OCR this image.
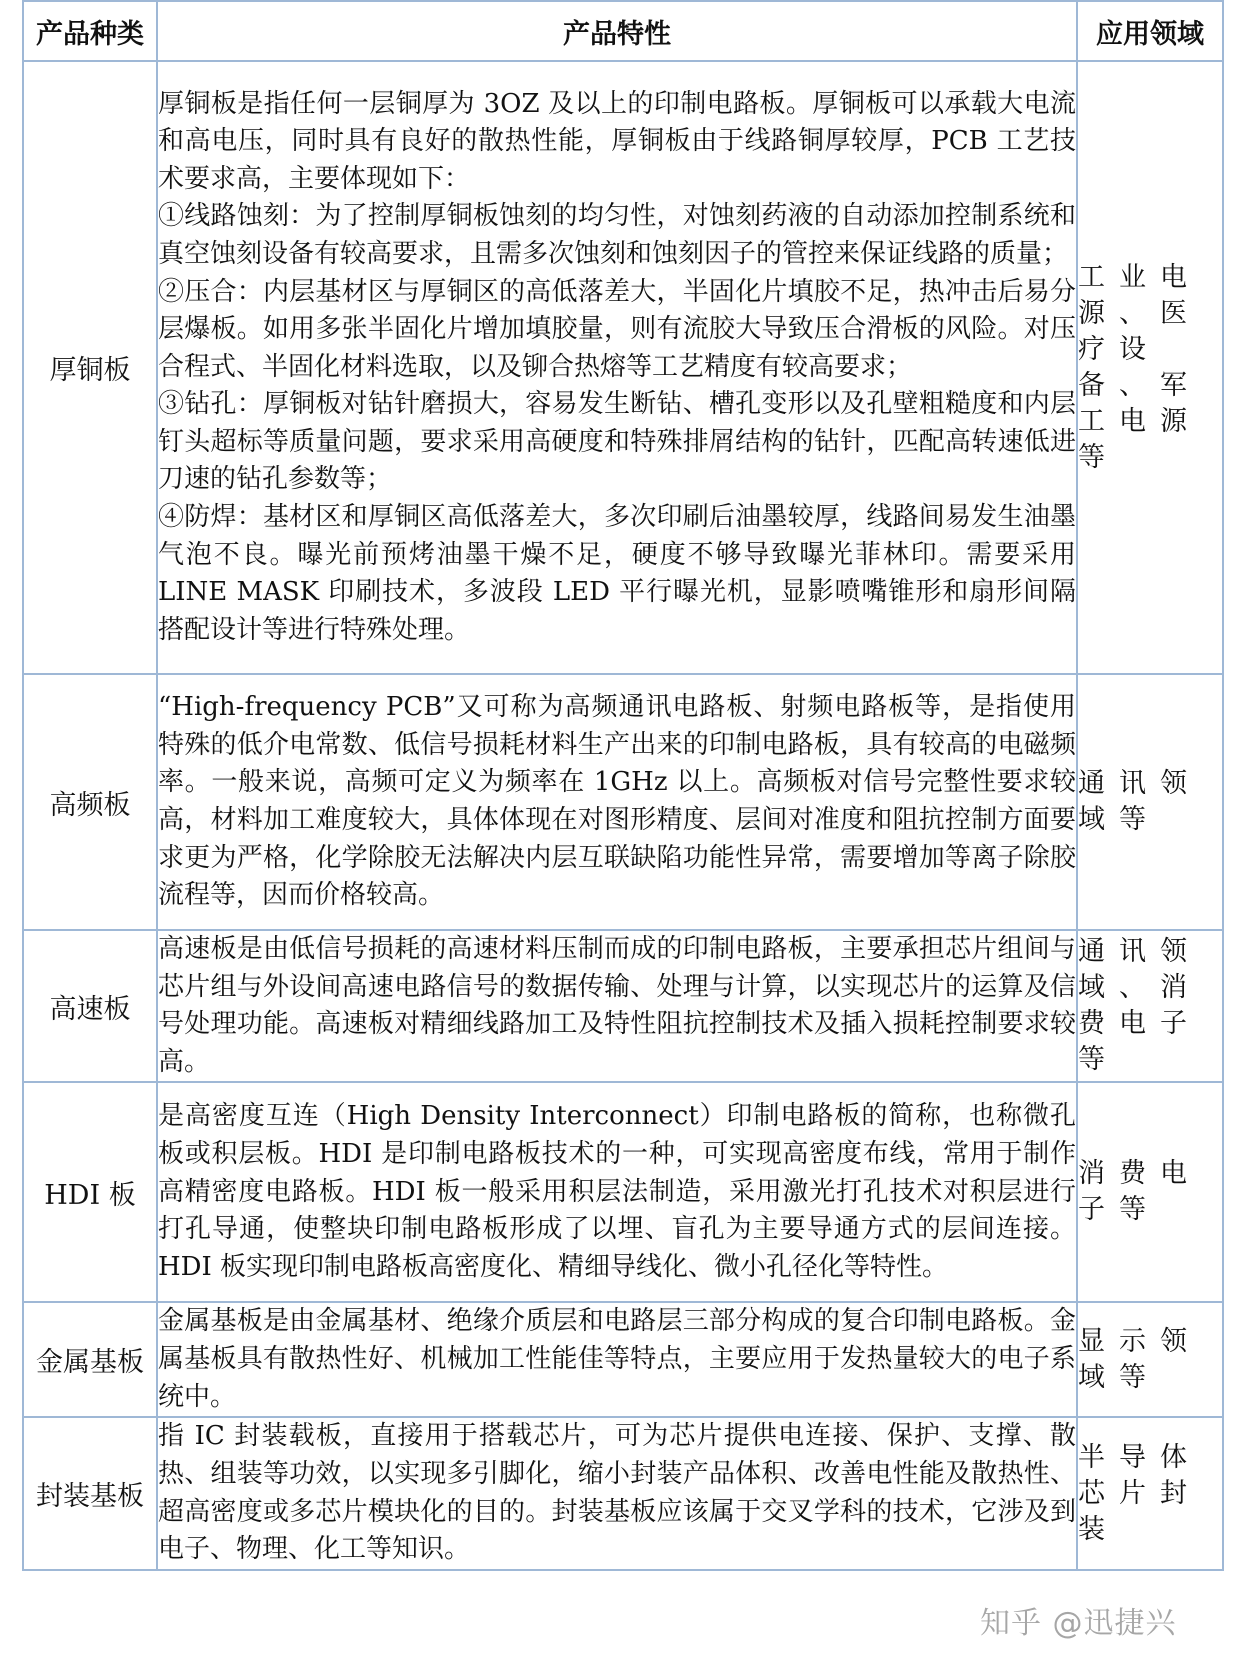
产品种类	产品特性	应用领域
厚铜板	厚铜板是指任何一层铜厚为 3OZ 及以上的印制电路板。厚铜板可以承载大电流和高电压，同时具有良好的散热性能，厚铜板由于线路铜厚较厚，PCB 工艺技术要求高，主要体现如下：

①线路蚀刻：为了控制厚铜板蚀刻的均匀性，对蚀刻药液的自动添加控制系统和真空蚀刻设备有较高要求，且需多次蚀刻和蚀刻因子的管控来保证线路的质量；

②压合：内层基材区与厚铜区的高低落差大，半固化片填胶不足，热冲击后易分层爆板。如用多张半固化片增加填胶量，则有流胶大导致压合滑板的风险。对压合程式、半固化材料选取，以及铆合热熔等工艺精度有较高要求；

③钻孔：厚铜板对钻针磨损大，容易发生断钻、槽孔变形以及孔壁粗糙度和内层钉头超标等质量问题，要求采用高硬度和特殊排屑结构的钻针，匹配高转速低进刀速的钻孔参数等；

④防焊：基材区和厚铜区高低落差大，多次印刷后油墨较厚，线路间易发生油墨气泡不良。曝光前预烤油墨干燥不足，硬度不够导致曝光菲林印。需要采用 LINE MASK 印刷技术，多波段 LED 平行曝光机，显影喷嘴锥形和扇形间隔搭配设计等进行特殊处理。	工业电源、医疗设备、军工电源等
高频板	“High-frequency PCB”又可称为高频通讯电路板、射频电路板等，是指使用特殊的低介电常数、低信号损耗材料生产出来的印制电路板，具有较高的电磁频率。一般来说，高频可定义为频率在 1GHz 以上。高频板对信号完整性要求较高，材料加工难度较大，具体体现在对图形精度、层间对准度和阻抗控制方面要求更为严格，化学除胶无法解决内层互联缺陷功能性异常，需要增加等离子除胶流程等，因而价格较高。	通讯领域等
高速板	高速板是由低信号损耗的高速材料压制而成的印制电路板，主要承担芯片组间与芯片组与外设间高速电路信号的数据传输、处理与计算，以实现芯片的运算及信号处理功能。高速板对精细线路加工及特性阻抗控制技术及插入损耗控制要求较高。	通讯领域、消费电子等
HDI 板	是高密度互连（High Density Interconnect）印制电路板的简称，也称微孔板或积层板。HDI 是印制电路板技术的一种，可实现高密度布线，常用于制作高精密度电路板。HDI 板一般采用积层法制造，采用激光打孔技术对积层进行打孔导通，使整块印制电路板形成了以埋、盲孔为主要导通方式的层间连接。HDI 板实现印制电路板高密度化、精细导线化、微小孔径化等特性。	消费电子等
金属基板	金属基板是由金属基材、绝缘介质层和电路层三部分构成的复合印制电路板。金属基板具有散热性好、机械加工性能佳等特点，主要应用于发热量较大的电子系统中。	显示领域等
封装基板	指 IC 封装载板，直接用于搭载芯片，可为芯片提供电连接、保护、支撑、散热、组装等功效，以实现多引脚化，缩小封装产品体积、改善电性能及散热性、超高密度或多芯片模块化的目的。封装基板应该属于交叉学科的技术，它涉及到电子、物理、化工等知识。	半导体芯片封装
知乎 @迅捷兴
